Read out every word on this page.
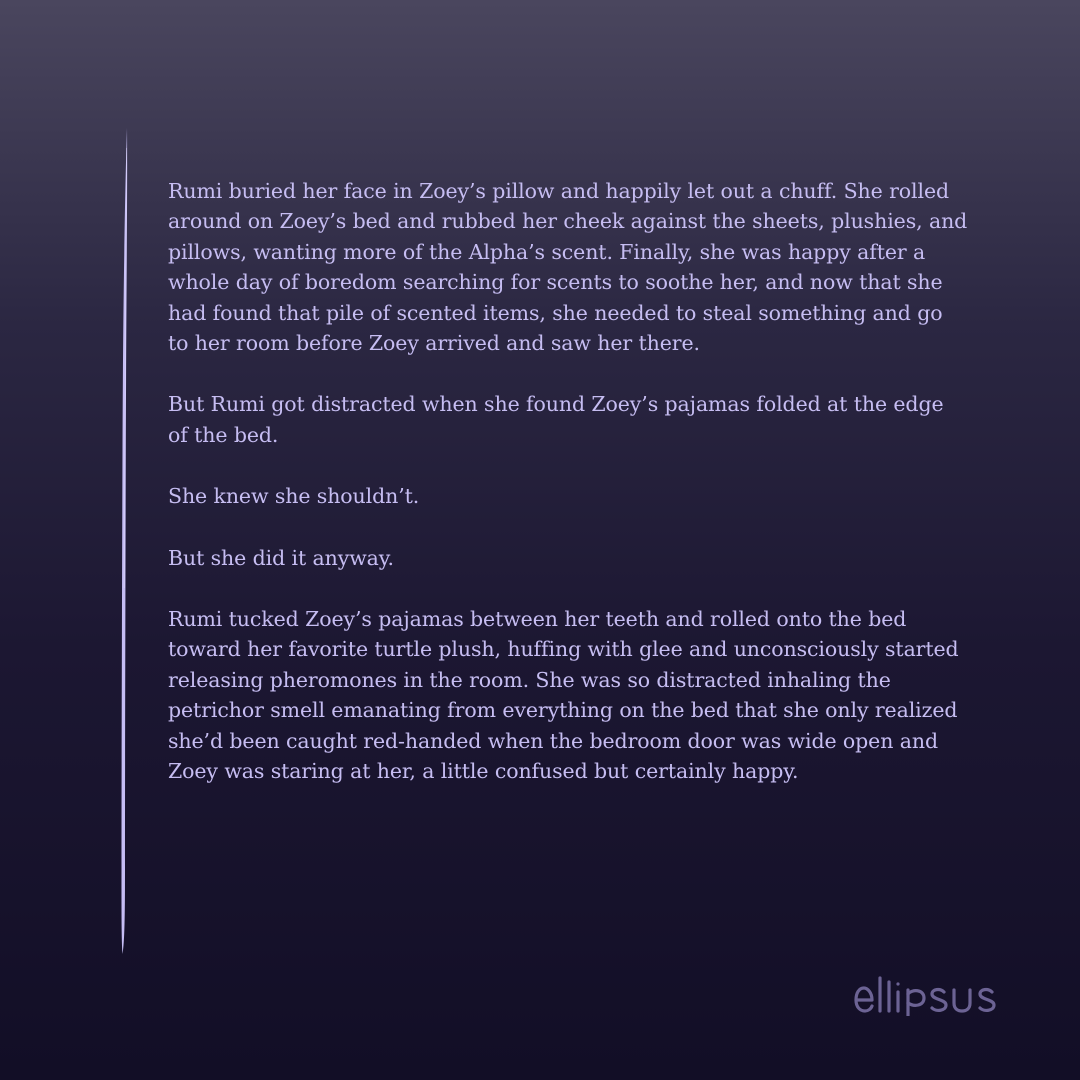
Rumi buried her face in Zoey’s pillow and happily let out a chuff. She rolled around on Zoey’s bed and rubbed her cheek against the sheets, plushies, and pillows, wanting more of the Alpha’s scent. Finally, she was happy after a whole day of boredom searching for scents to soothe her, and now that she had found that pile of scented items, she needed to steal something and go to her room before Zoey arrived and saw her there.

But Rumi got distracted when she found Zoey’s pajamas folded at the edge of the bed.

She knew she shouldn’t.

But she did it anyway.

Rumi tucked Zoey’s pajamas between her teeth and rolled onto the bed toward her favorite turtle plush, huffing with glee and unconsciously started releasing pheromones in the room. She was so distracted inhaling the petrichor smell emanating from everything on the bed that she only realized she’d been caught red-handed when the bedroom door was wide open and Zoey was staring at her, a little confused but certainly happy.
